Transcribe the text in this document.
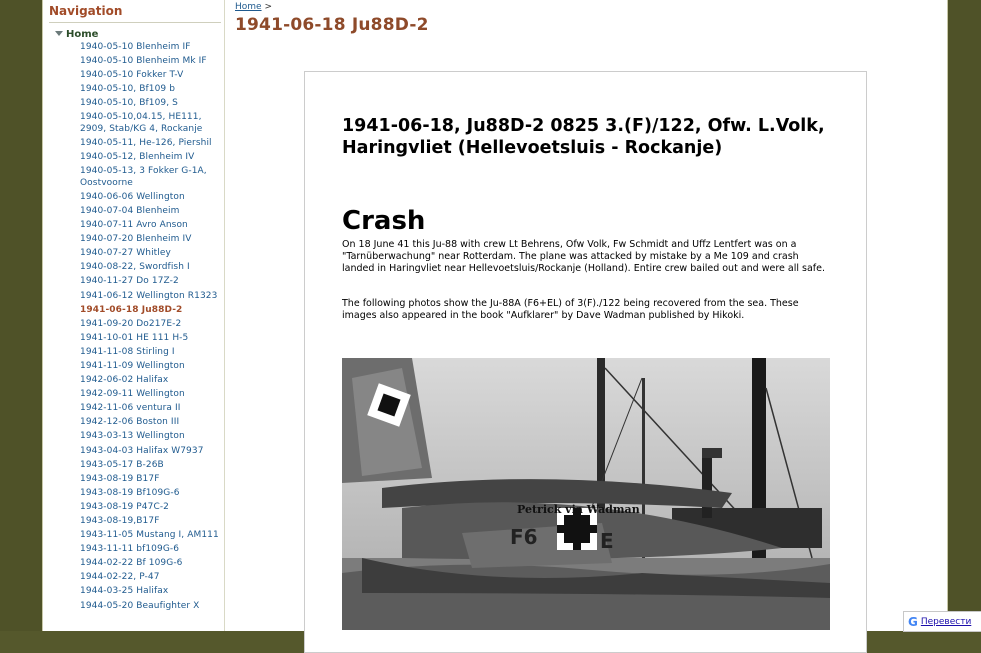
Navigation
Home
1940-05-10 Blenheim IF
1940-05-10 Blenheim Mk IF
1940-05-10 Fokker T-V
1940-05-10, Bf109 b
1940-05-10, Bf109, S
1940-05-10,04.15, HE111, 2909, Stab/KG 4, Rockanje
1940-05-11, He-126, Piershil
1940-05-12, Blenheim IV
1940-05-13, 3 Fokker G-1A, Oostvoorne
1940-06-06 Wellington
1940-07-04 Blenheim
1940-07-11 Avro Anson
1940-07-20 Blenheim IV
1940-07-27 Whitley
1940-08-22, Swordfish I
1940-11-27 Do 17Z-2
1941-06-12 Wellington R1323
1941-06-18 Ju88D-2
1941-09-20 Do217E-2
1941-10-01 HE 111 H-5
1941-11-08 Stirling I
1941-11-09 Wellington
1942-06-02 Halifax
1942-09-11 Wellington
1942-11-06 ventura II
1942-12-06 Boston III
1943-03-13 Wellington
1943-04-03 Halifax W7937
1943-05-17 B-26B
1943-08-19 B17F
1943-08-19 Bf109G-6
1943-08-19 P47C-2
1943-08-19,B17F
1943-11-05 Mustang I, AM111
1943-11-11 bf109G-6
1944-02-22 Bf 109G-6
1944-02-22, P-47
1944-03-25 Halifax
1944-05-20 Beaufighter X
Home >
1941-06-18 Ju88D-2
1941-06-18, Ju88D-2 0825 3.(F)/122, Ofw. L.Volk, Haringvliet (Hellevoetsluis - Rockanje)
Crash
On 18 June 41 this Ju-88 with crew Lt Behrens, Ofw Volk, Fw Schmidt and Uffz Lentfert was on a "Tarnüberwachung" near Rotterdam. The plane was attacked by mistake by a Me 109 and crash landed in Haringvliet near Hellevoetsluis/Rockanje (Holland). Entire crew bailed out and were all safe.
The following photos show the Ju-88A (F6+EL) of 3(F)./122 being recovered from the sea. These images also appeared in the book "Aufklarer" by Dave Wadman published by Hikoki.
F6	E
Petrick via Wadman
G Перевести
